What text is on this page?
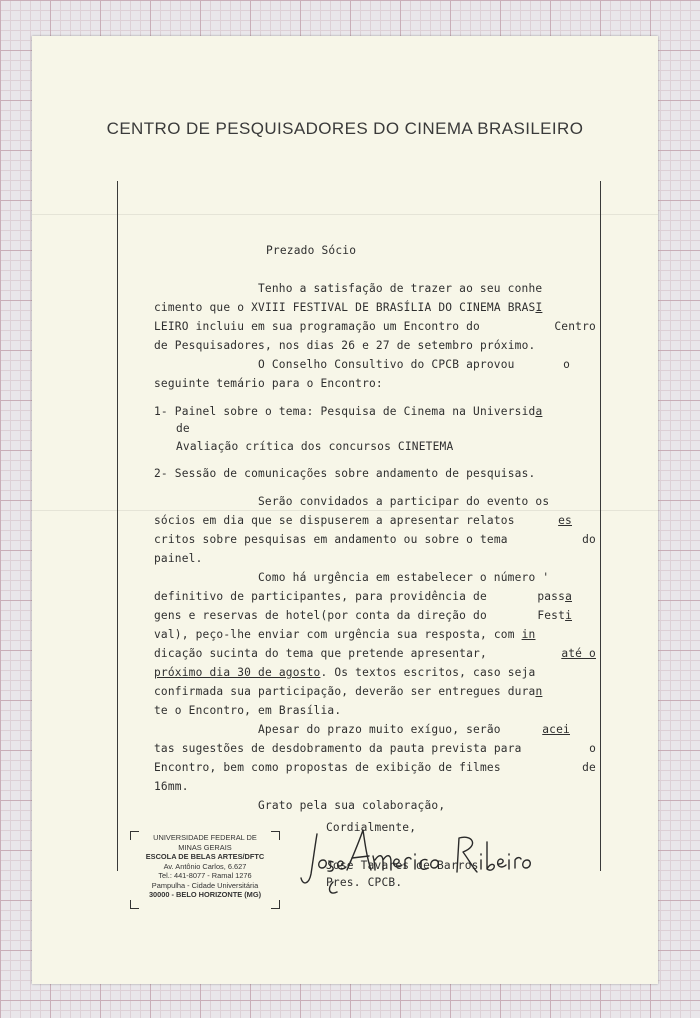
CENTRO DE PESQUISADORES DO CINEMA BRASILEIRO
Prezado Sócio
Tenho a satisfação de trazer ao seu conhe
cimento que o XVIII FESTIVAL DE BRASÍLIA DO CINEMA BRASI
LEIRO incluiu em sua programação um Encontro do	Centro
de Pesquisadores, nos dias 26 e 27 de setembro próximo.
O Conselho Consultivo do CPCB aprovou	o
seguinte temário para o Encontro:
1- Painel sobre o tema: Pesquisa de Cinema na Universida
de
Avaliação crítica dos concursos CINETEMA
2- Sessão de comunicações sobre andamento de pesquisas.
Serão convidados a participar do evento os
sócios em dia que se dispuserem a apresentar relatos	es
critos sobre pesquisas em andamento ou sobre o tema	do
painel.
Como há urgência em estabelecer o número '
definitivo de participantes, para providência de	passa
gens e reservas de hotel(por conta da direção do	Festi
val), peço-lhe enviar com urgência sua resposta, com in
dicação sucinta do tema que pretende apresentar,	até o
próximo dia 30 de agosto. Os textos escritos, caso seja
confirmada sua participação, deverão ser entregues duran
te o Encontro, em Brasília.
Apesar do prazo muito exíguo, serão	acei
tas sugestões de desdobramento da pauta prevista para	o
Encontro, bem como propostas de exibição de filmes	de
16mm.
Grato pela sua colaboração,
Cordialmente,
José Tavares de Barros
Pres. CPCB.
UNIVERSIDADE FEDERAL DE
MINAS GERAIS
ESCOLA DE BELAS ARTES/DFTC
Av. Antônio Carlos, 6.627
Tel.: 441-8077 - Ramal 1276
Pampulha - Cidade Universitária
30000 - BELO HORIZONTE (MG)
